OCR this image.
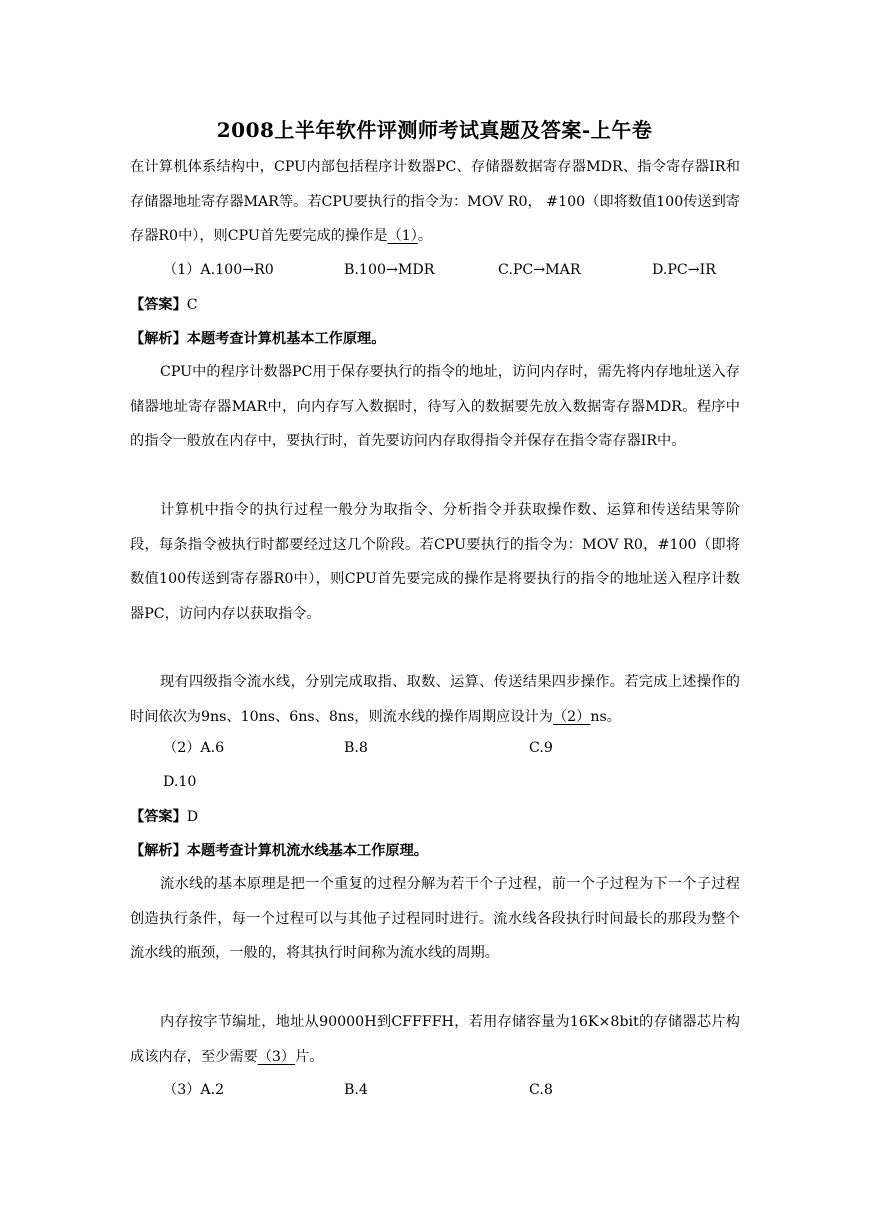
2008上半年软件评测师考试真题及答案-上午卷
在计算机体系结构中，CPU内部包括程序计数器PC、存储器数据寄存器MDR、指令寄存器IR和存储器地址寄存器MAR等。若CPU要执行的指令为：MOV R0， #100（即将数值100传送到寄存器R0中），则CPU首先要完成的操作是（1）。
（1）A.100→R0	B.100→MDR	C.PC→MAR	D.PC→IR
【答案】C
【解析】本题考查计算机基本工作原理。
CPU中的程序计数器PC用于保存要执行的指令的地址，访问内存时，需先将内存地址送入存储器地址寄存器MAR中，向内存写入数据时，待写入的数据要先放入数据寄存器MDR。程序中的指令一般放在内存中，要执行时，首先要访问内存取得指令并保存在指令寄存器IR中。
计算机中指令的执行过程一般分为取指令、分析指令并获取操作数、运算和传送结果等阶段，每条指令被执行时都要经过这几个阶段。若CPU要执行的指令为：MOV R0，#100（即将数值100传送到寄存器R0中），则CPU首先要完成的操作是将要执行的指令的地址送入程序计数器PC，访问内存以获取指令。
现有四级指令流水线，分别完成取指、取数、运算、传送结果四步操作。若完成上述操作的时间依次为9ns、10ns、6ns、8ns，则流水线的操作周期应设计为（2）ns。
（2）A.6	B.8	C.9
D.10
【答案】D
【解析】本题考查计算机流水线基本工作原理。
流水线的基本原理是把一个重复的过程分解为若干个子过程，前一个子过程为下一个子过程创造执行条件，每一个过程可以与其他子过程同时进行。流水线各段执行时间最长的那段为整个流水线的瓶颈，一般的，将其执行时间称为流水线的周期。
内存按字节编址，地址从90000H到CFFFFH，若用存储容量为16K×8bit的存储器芯片构成该内存，至少需要（3）片。
（3）A.2	B.4	C.8
